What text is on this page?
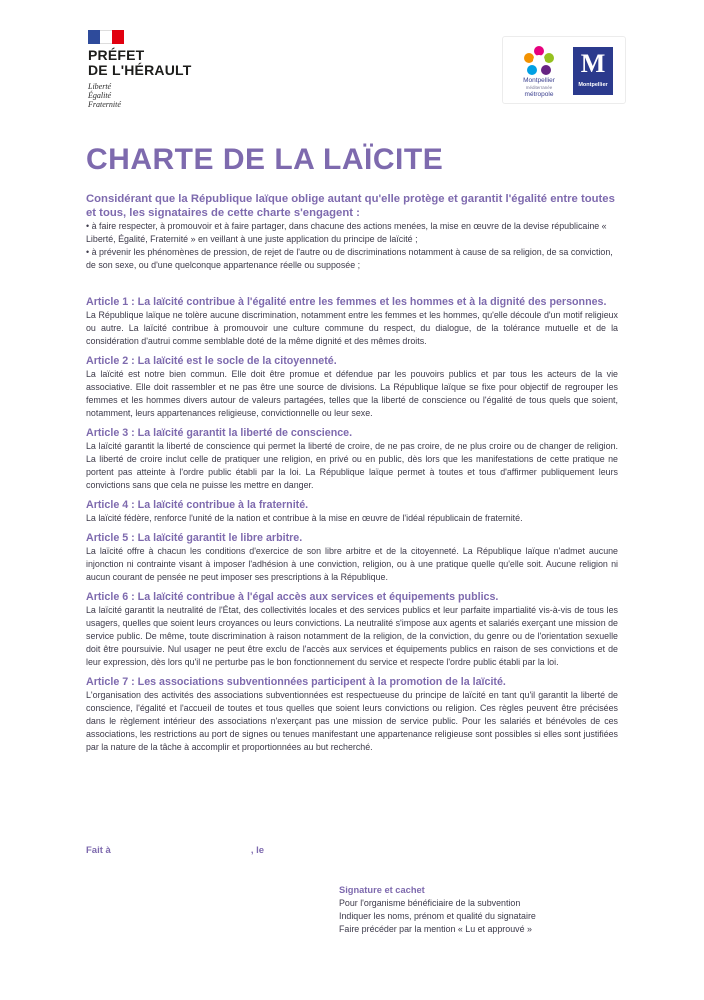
PRÉFET
DE L'HÉRAULT
Liberté
Égalité
Fraternité
Montpellier
méditerranée
métropole
M
Montpellier
CHARTE DE LA LAÏCITE

Considérant que la République laïque oblige autant qu'elle protège et garantit l'égalité entre toutes et tous, les signataires de cette charte s'engagent :

• à faire respecter, à promouvoir et à faire partager, dans chacune des actions menées, la mise en œuvre de la devise républicaine « Liberté, Égalité, Fraternité » en veillant à une juste application du principe de laïcité ;

• à prévenir les phénomènes de pression, de rejet de l'autre ou de discriminations notamment à cause de sa religion, de sa conviction, de son sexe, ou d'une quelconque appartenance réelle ou supposée ;

Article 1 : La laïcité contribue à l'égalité entre les femmes et les hommes et à la dignité des personnes.

La République laïque ne tolère aucune discrimination, notamment entre les femmes et les hommes, qu'elle découle d'un motif religieux ou autre. La laïcité contribue à promouvoir une culture commune du respect, du dialogue, de la tolérance mutuelle et de la considération d'autrui comme semblable doté de la même dignité et des mêmes droits.

Article 2 : La laïcité est le socle de la citoyenneté.

La laïcité est notre bien commun. Elle doit être promue et défendue par les pouvoirs publics et par tous les acteurs de la vie associative. Elle doit rassembler et ne pas être une source de divisions. La République laïque se fixe pour objectif de regrouper les femmes et les hommes divers autour de valeurs partagées, telles que la liberté de conscience ou l'égalité de tous quels que soient, notamment, leurs appartenances religieuse, convictionnelle ou leur sexe.

Article 3 : La laïcité garantit la liberté de conscience.

La laïcité garantit la liberté de conscience qui permet la liberté de croire, de ne pas croire, de ne plus croire ou de changer de religion. La liberté de croire inclut celle de pratiquer une religion, en privé ou en public, dès lors que les manifestations de cette pratique ne portent pas atteinte à l'ordre public établi par la loi. La République laïque permet à toutes et tous d'affirmer publiquement leurs convictions sans que cela ne puisse les mettre en danger.

Article 4 : La laïcité contribue à la fraternité.

La laïcité fédère, renforce l'unité de la nation et contribue à la mise en œuvre de l'idéal républicain de fraternité.

Article 5 : La laïcité garantit le libre arbitre.

La laïcité offre à chacun les conditions d'exercice de son libre arbitre et de la citoyenneté. La République laïque n'admet aucune injonction ni contrainte visant à imposer l'adhésion à une conviction, religion, ou à une pratique quelle qu'elle soit. Aucune religion ni aucun courant de pensée ne peut imposer ses prescriptions à la République.

Article 6 : La laïcité contribue à l'égal accès aux services et équipements publics.

La laïcité garantit la neutralité de l'État, des collectivités locales et des services publics et leur parfaite impartialité vis-à-vis de tous les usagers, quelles que soient leurs croyances ou leurs convictions. La neutralité s'impose aux agents et salariés exerçant une mission de service public. De même, toute discrimination à raison notamment de la religion, de la conviction, du genre ou de l'orientation sexuelle doit être poursuivie. Nul usager ne peut être exclu de l'accès aux services et équipements publics en raison de ses convictions et de leur expression, dès lors qu'il ne perturbe pas le bon fonctionnement du service et respecte l'ordre public établi par la loi.

Article 7 : Les associations subventionnées participent à la promotion de la laïcité.

L'organisation des activités des associations subventionnées est respectueuse du principe de laïcité en tant qu'il garantit la liberté de conscience, l'égalité et l'accueil de toutes et tous quelles que soient leurs convictions ou religion. Ces règles peuvent être précisées dans le règlement intérieur des associations n'exerçant pas une mission de service public. Pour les salariés et bénévoles de ces associations, les restrictions au port de signes ou tenues manifestant une appartenance religieuse sont possibles si elles sont justifiées par la nature de la tâche à accomplir et proportionnées au but recherché.

Fait à	, le

Signature et cachet

Pour l'organisme bénéficiaire de la subvention

Indiquer les noms, prénom et qualité du signataire

Faire précéder par la mention « Lu et approuvé »
